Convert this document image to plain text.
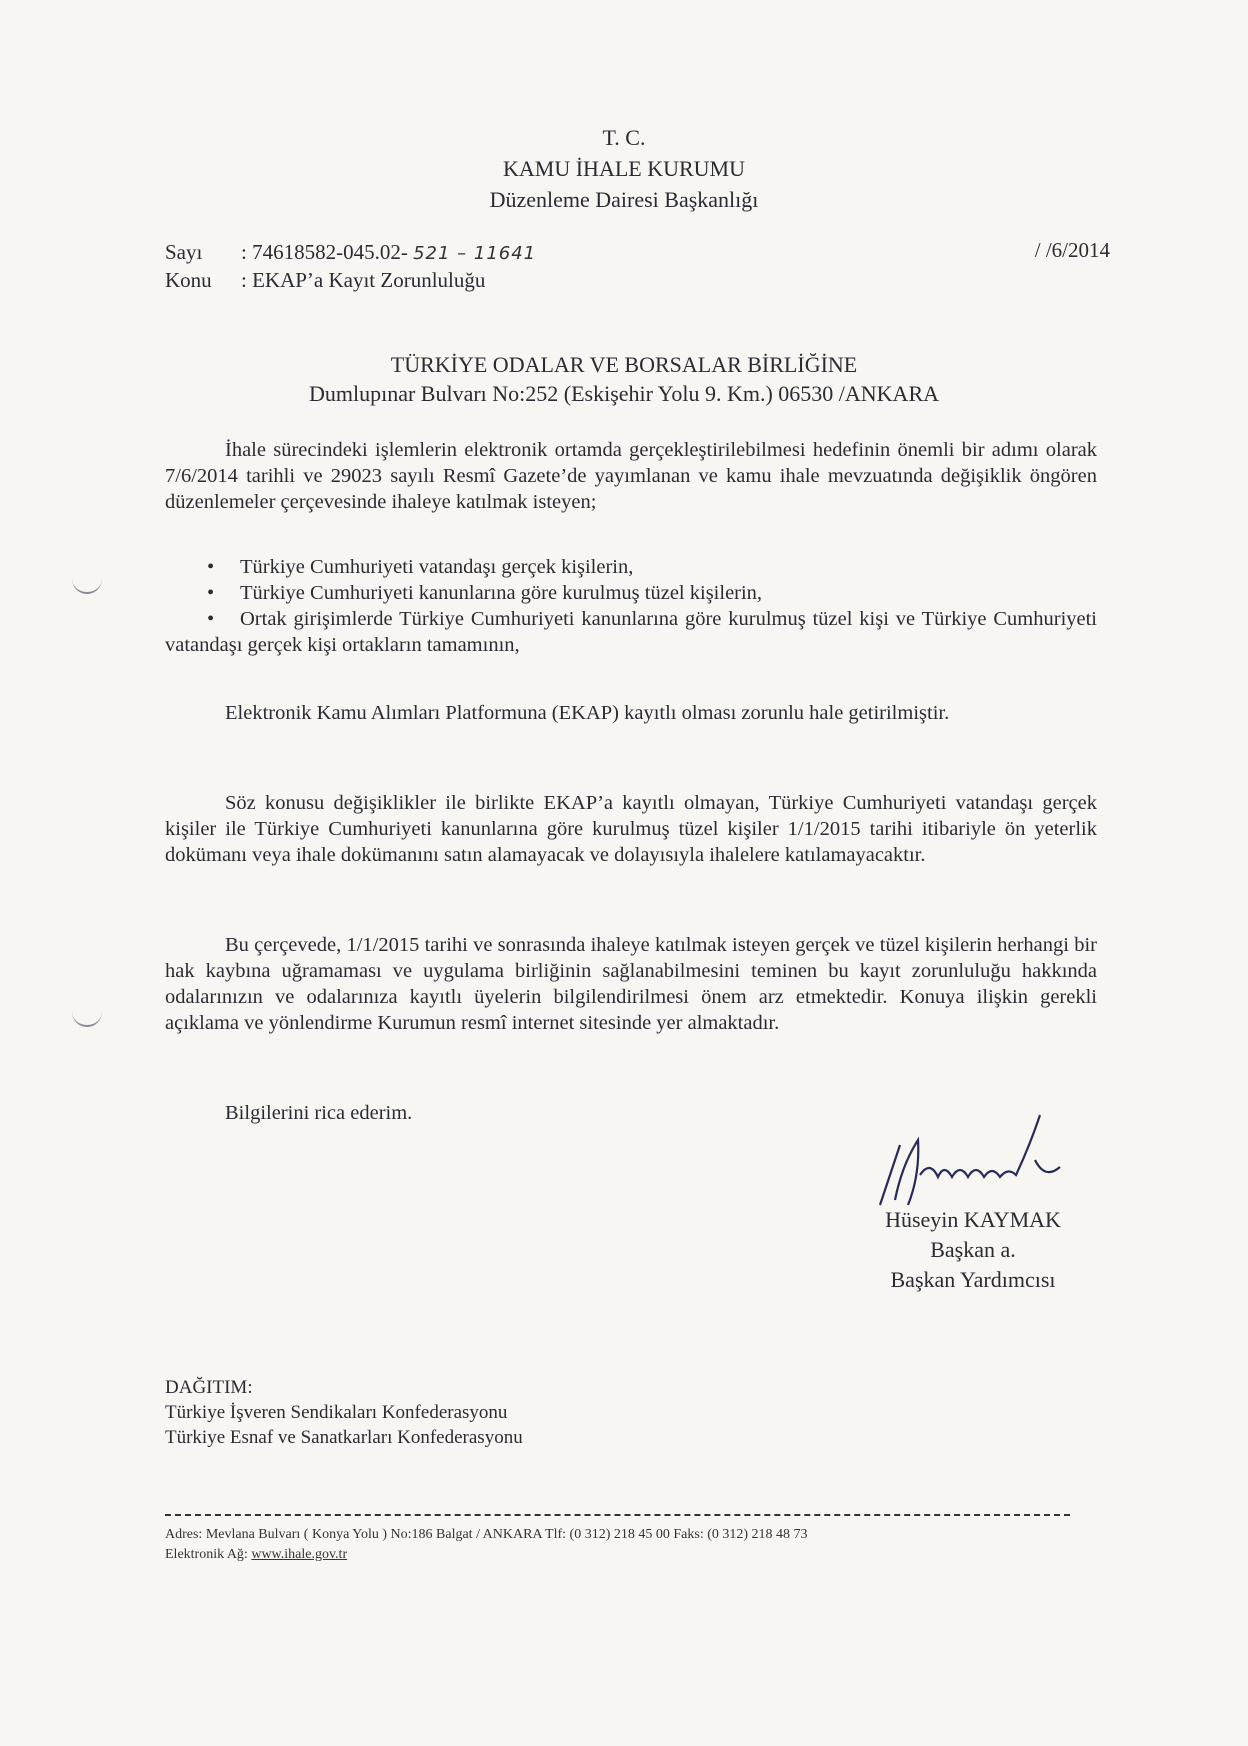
T. C.
KAMU İHALE KURUMU
Düzenleme Dairesi Başkanlığı
Sayı : 74618582-045.02- 521 – 11641
Konu : EKAP’a Kayıt Zorunluluğu
/ /6/2014
TÜRKİYE ODALAR VE BORSALAR BİRLİĞİNE
Dumlupınar Bulvarı No:252 (Eskişehir Yolu 9. Km.) 06530 /ANKARA

İhale sürecindeki işlemlerin elektronik ortamda gerçekleştirilebilmesi hedefinin önemli bir adımı olarak 7/6/2014 tarihli ve 29023 sayılı Resmî Gazete’de yayımlanan ve kamu ihale mevzuatında değişiklik öngören düzenlemeler çerçevesinde ihaleye katılmak isteyen;

• Türkiye Cumhuriyeti vatandaşı gerçek kişilerin,
• Türkiye Cumhuriyeti kanunlarına göre kurulmuş tüzel kişilerin,
• Ortak girişimlerde Türkiye Cumhuriyeti kanunlarına göre kurulmuş tüzel kişi ve Türkiye Cumhuriyeti vatandaşı gerçek kişi ortakların tamamının,

Elektronik Kamu Alımları Platformuna (EKAP) kayıtlı olması zorunlu hale getirilmiştir.

Söz konusu değişiklikler ile birlikte EKAP’a kayıtlı olmayan, Türkiye Cumhuriyeti vatandaşı gerçek kişiler ile Türkiye Cumhuriyeti kanunlarına göre kurulmuş tüzel kişiler 1/1/2015 tarihi itibariyle ön yeterlik dokümanı veya ihale dokümanını satın alamayacak ve dolayısıyla ihalelere katılamayacaktır.

Bu çerçevede, 1/1/2015 tarihi ve sonrasında ihaleye katılmak isteyen gerçek ve tüzel kişilerin herhangi bir hak kaybına uğramaması ve uygulama birliğinin sağlanabilmesini teminen bu kayıt zorunluluğu hakkında odalarınızın ve odalarınıza kayıtlı üyelerin bilgilendirilmesi önem arz etmektedir. Konuya ilişkin gerekli açıklama ve yönlendirme Kurumun resmî internet sitesinde yer almaktadır.

Bilgilerini rica ederim.

Hüseyin KAYMAK
Başkan a.
Başkan Yardımcısı
DAĞITIM:
Türkiye İşveren Sendikaları Konfederasyonu
Türkiye Esnaf ve Sanatkarları Konfederasyonu
Adres: Mevlana Bulvarı ( Konya Yolu ) No:186 Balgat / ANKARA Tlf: (0 312) 218 45 00 Faks: (0 312) 218 48 73
Elektronik Ağ: www.ihale.gov.tr
